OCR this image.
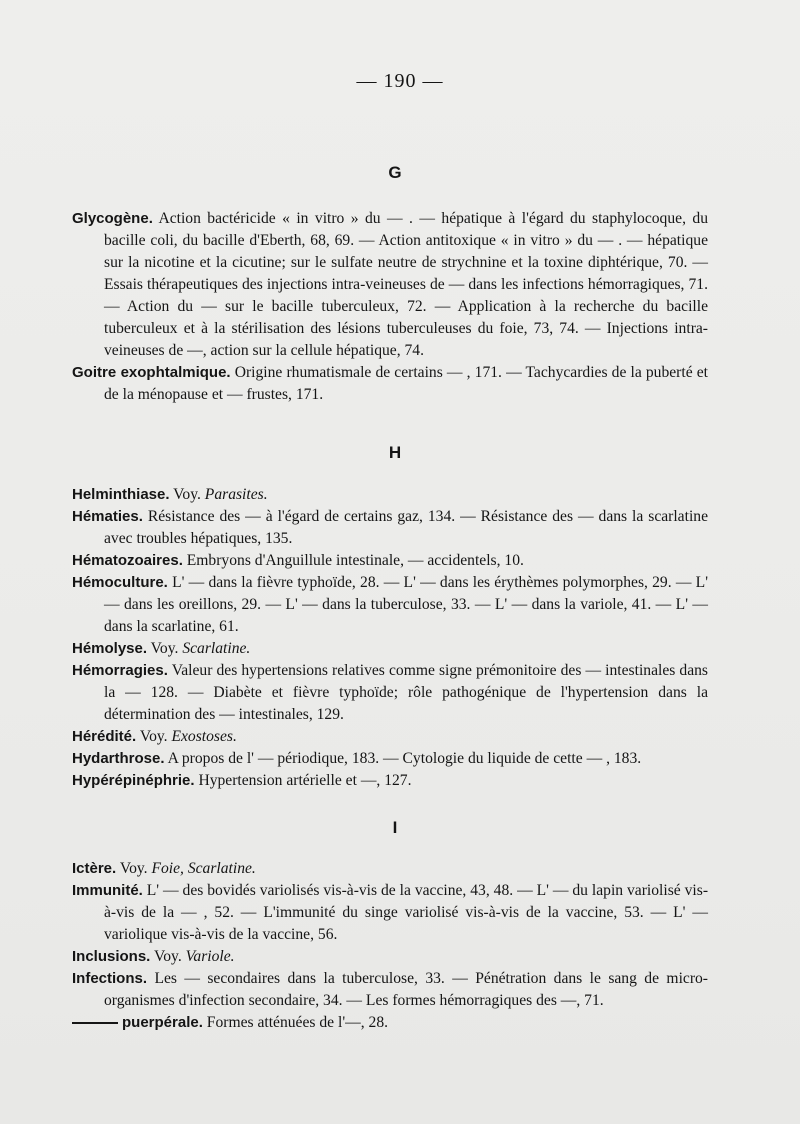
— 190 —
G

Glycogène. Action bactéricide « in vitro » du — . — hépatique à l'égard du staphylocoque, du bacille coli, du bacille d'Eberth, 68, 69. — Action antitoxique « in vitro » du — . — hépatique sur la nicotine et la cicutine; sur le sulfate neutre de strychnine et la toxine diphtérique, 70. — Essais thérapeutiques des injections intra-veineuses de — dans les infections hémorragiques, 71. — Action du — sur le bacille tuberculeux, 72. — Application à la recherche du bacille tuberculeux et à la stérilisation des lésions tuberculeuses du foie, 73, 74. — Injections intra-veineuses de —, action sur la cellule hépatique, 74.

Goitre exophtalmique. Origine rhumatismale de certains — , 171. — Tachycardies de la puberté et de la ménopause et — frustes, 171.

H

Helminthiase. Voy. Parasites.

Hématies. Résistance des — à l'égard de certains gaz, 134. — Résistance des — dans la scarlatine avec troubles hépatiques, 135.

Hématozoaires. Embryons d'Anguillule intestinale, — accidentels, 10.

Hémoculture. L' — dans la fièvre typhoïde, 28. — L' — dans les érythèmes polymorphes, 29. — L' — dans les oreillons, 29. — L' — dans la tuberculose, 33. — L' — dans la variole, 41. — L' — dans la scarlatine, 61.

Hémolyse. Voy. Scarlatine.

Hémorragies. Valeur des hypertensions relatives comme signe prémonitoire des — intestinales dans la — 128. — Diabète et fièvre typhoïde; rôle pathogénique de l'hypertension dans la détermination des — intestinales, 129.

Hérédité. Voy. Exostoses.

Hydarthrose. A propos de l' — périodique, 183. — Cytologie du liquide de cette — , 183.

Hypérépinéphrie. Hypertension artérielle et —, 127.

I

Ictère. Voy. Foie, Scarlatine.

Immunité. L' — des bovidés variolisés vis-à-vis de la vaccine, 43, 48. — L' — du lapin variolisé vis-à-vis de la — , 52. — L'immunité du singe variolisé vis-à-vis de la vaccine, 53. — L' — variolique vis-à-vis de la vaccine, 56.

Inclusions. Voy. Variole.

Infections. Les — secondaires dans la tuberculose, 33. — Pénétration dans le sang de micro-organismes d'infection secondaire, 34. — Les formes hémorragiques des —, 71.

puerpérale. Formes atténuées de l'—, 28.
